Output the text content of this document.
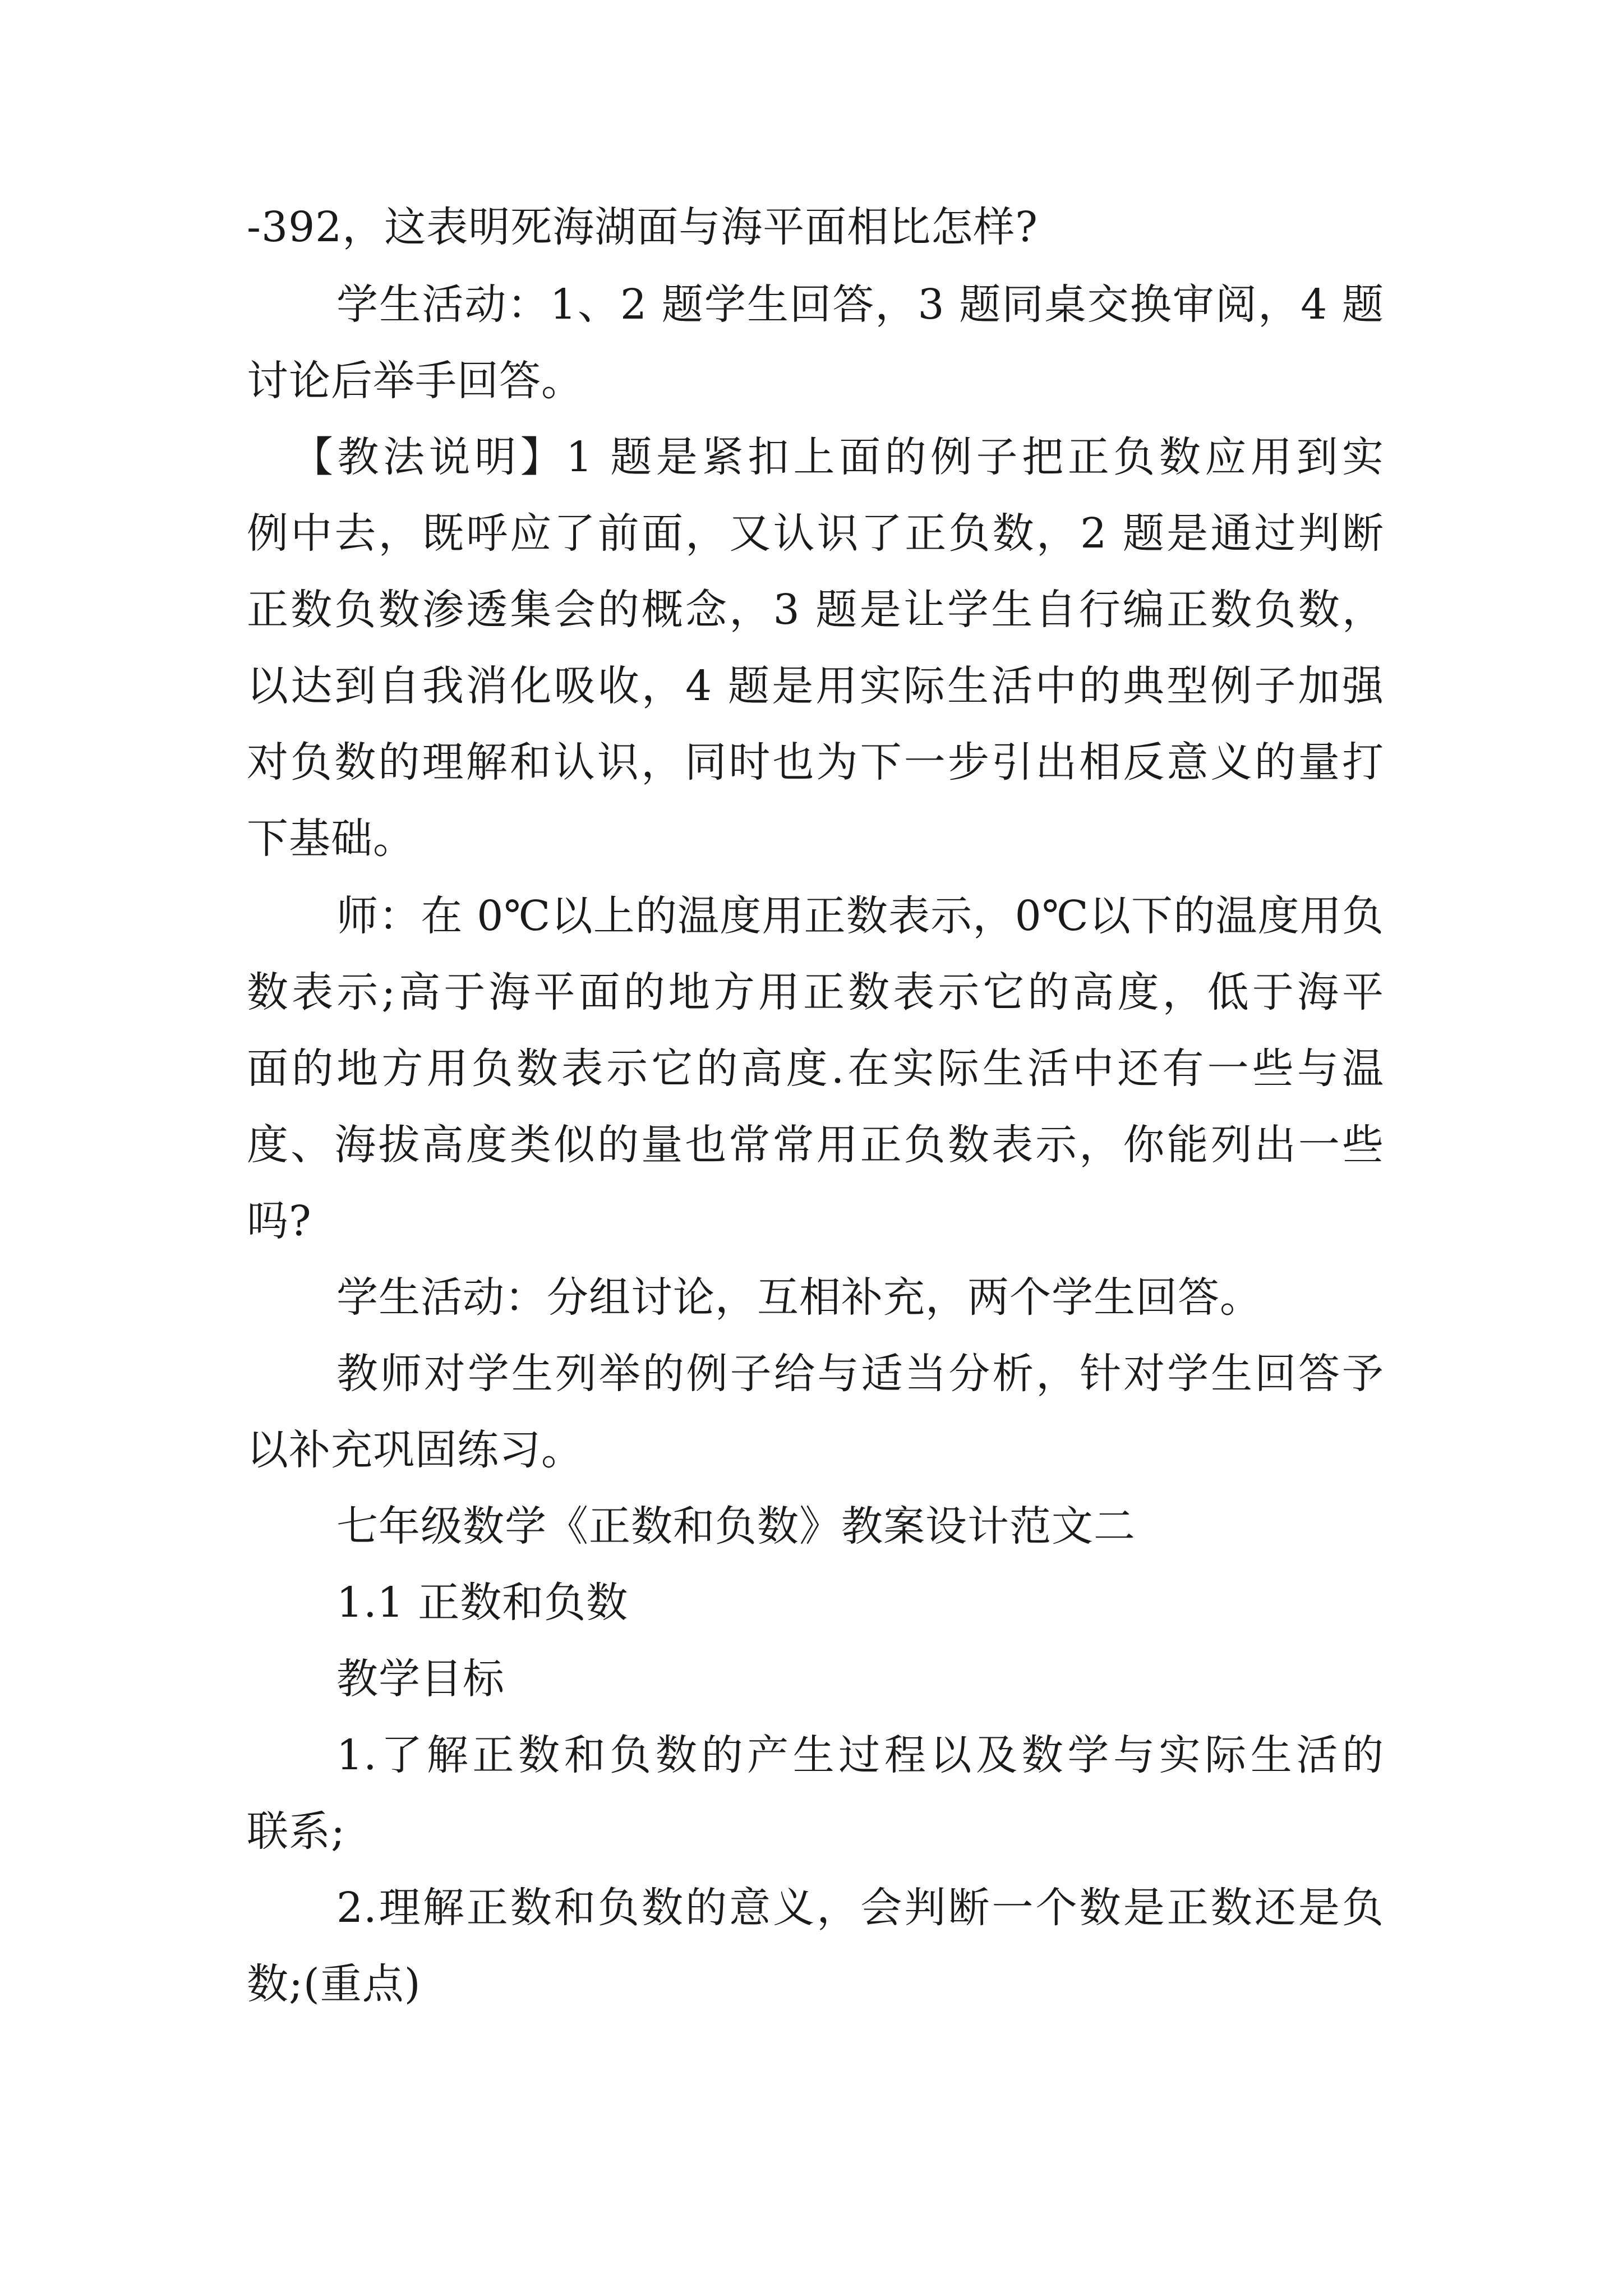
-392，这表明死海湖面与海平面相比怎样?
学生活动：1、2 题学生回答，3 题同桌交换审阅，4 题
讨论后举手回答。
【教法说明】1 题是紧扣上面的例子把正负数应用到实
例中去，既呼应了前面，又认识了正负数，2 题是通过判断
正数负数渗透集会的概念，3 题是让学生自行编正数负数，
以达到自我消化吸收，4 题是用实际生活中的典型例子加强
对负数的理解和认识，同时也为下一步引出相反意义的量打
下基础。
师：在 0℃以上的温度用正数表示，0℃以下的温度用负
数表示;高于海平面的地方用正数表示它的高度，低于海平
面的地方用负数表示它的高度.在实际生活中还有一些与温
度、海拔高度类似的量也常常用正负数表示，你能列出一些
吗?
学生活动：分组讨论，互相补充，两个学生回答。
教师对学生列举的例子给与适当分析，针对学生回答予
以补充巩固练习。
七年级数学《正数和负数》教案设计范文二
1.1 正数和负数
教学目标
1.了解正数和负数的产生过程以及数学与实际生活的
联系;
2.理解正数和负数的意义，会判断一个数是正数还是负
数;(重点)
